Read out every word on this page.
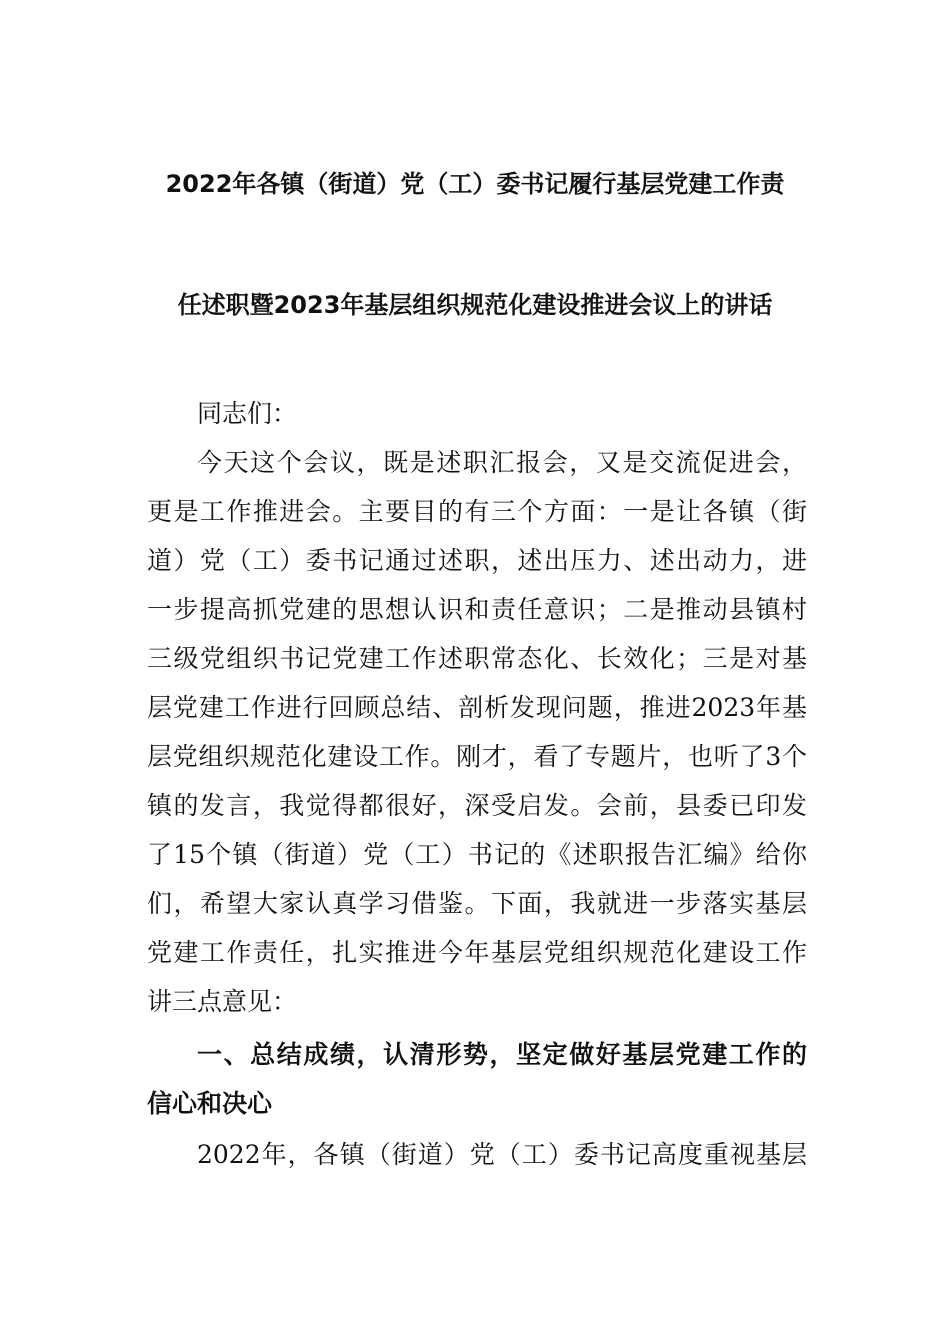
2022年各镇（街道）党（工）委书记履行基层党建工作责
任述职暨2023年基层组织规范化建设推进会议上的讲话
同志们：
今天这个会议，既是述职汇报会，又是交流促进会，
更是工作推进会。主要目的有三个方面：一是让各镇（街
道）党（工）委书记通过述职，述出压力、述出动力，进
一步提高抓党建的思想认识和责任意识；二是推动县镇村
三级党组织书记党建工作述职常态化、长效化；三是对基
层党建工作进行回顾总结、剖析发现问题，推进2023年基
层党组织规范化建设工作。刚才，看了专题片，也听了3个
镇的发言，我觉得都很好，深受启发。会前，县委已印发
了15个镇（街道）党（工）书记的《述职报告汇编》给你
们，希望大家认真学习借鉴。下面，我就进一步落实基层
党建工作责任，扎实推进今年基层党组织规范化建设工作
讲三点意见：
一、总结成绩，认清形势，坚定做好基层党建工作的
信心和决心
2022年，各镇（街道）党（工）委书记高度重视基层
